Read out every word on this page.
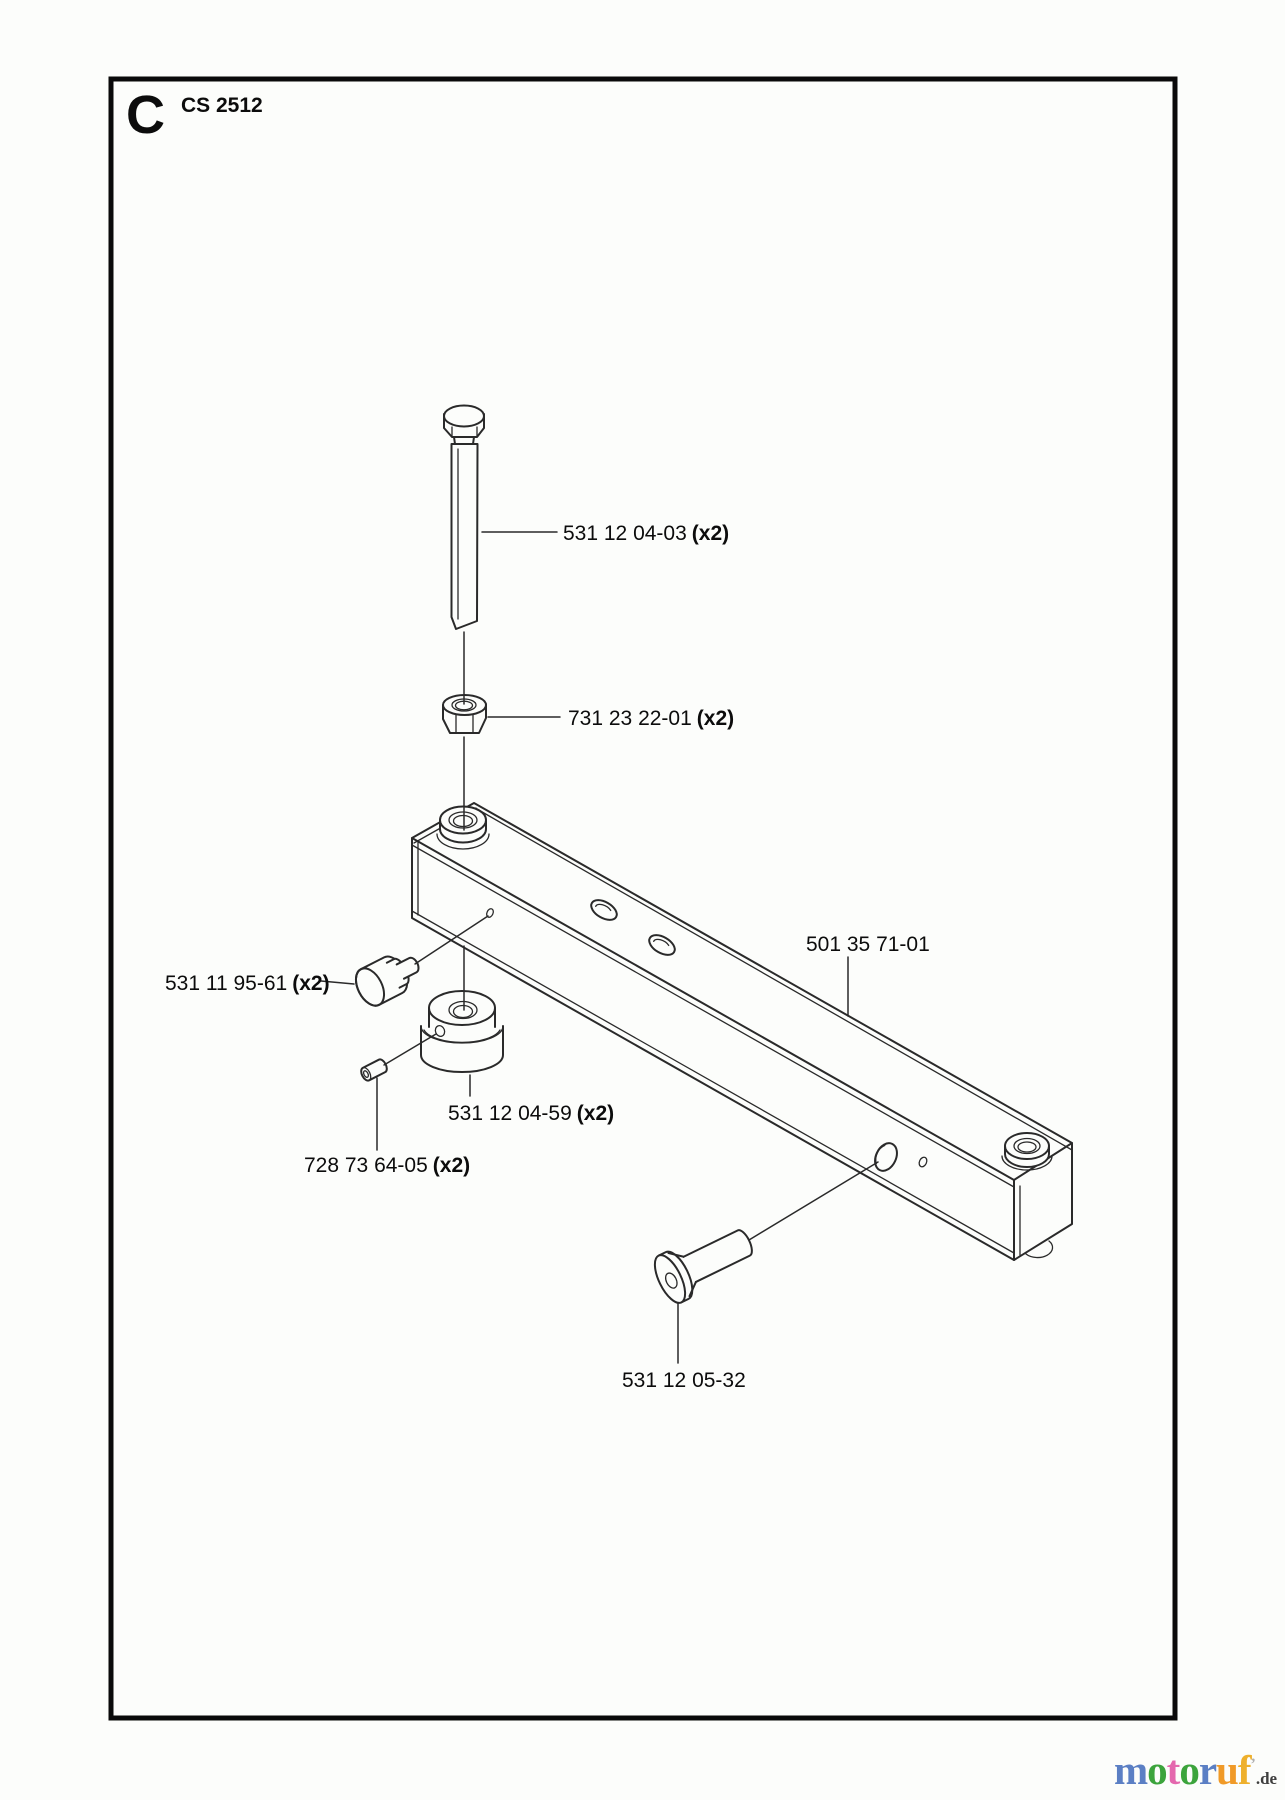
C CS 2512
531 12 04-03 (x2)
731 23 22-01 (x2)
501 35 71-01
531 11 95-61 (x2)
531 12 04-59 (x2)
728 73 64-05 (x2)
531 12 05-32
motoruf’.de
